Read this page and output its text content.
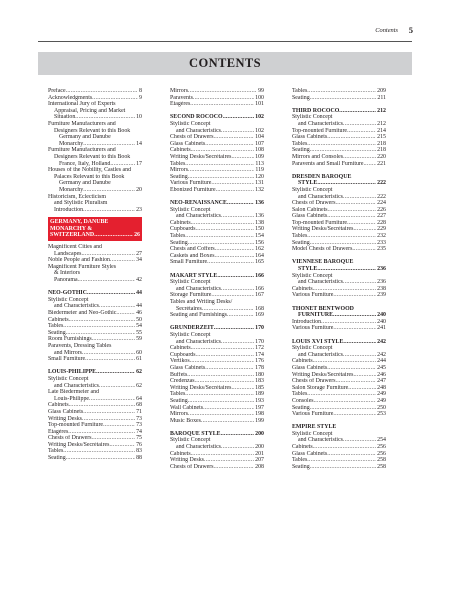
Contents 5
CONTENTS
Preface .....	8
Acknowledgments .....	9
International Jury of Experts
Appraisal, Pricing and Market
Situation .....	10
Furniture Manufacturers and
Designers Relevant to this Book
Germany and Danube
Monarchy .....	14
Furniture Manufacturers and
Designers Relevant to this Book
France, Italy, Holland .....	17
Houses of the Nobility, Castles and
Palaces Relevant to this Book
Germany and Danube
Monarchy .....	20
Historicism, Eclecticism
and Stylistic Pluralism
Introduction .....	23
GERMANY, DANUBE
MONARCHY &
SWITZERLAND .....	26
Magnificent Cities and
Landscapes .....	27
Noble People and Fashion .....	34
Magnificent Furniture Styles
& Interiors
Panorama .....	42
NEO-GOTHIC .....	44
Stylistic Concept
and Characteristics .....	44
Biedermeier and Neo-Gothic .....	46
Cabinets .....	50
Tables .....	54
Seating .....	55
Room Furnishings .....	59
Paravents, Dressing Tables
and Mirrors .....	60
Small Furniture .....	61
LOUIS-PHILIPPE .....	62
Stylistic Concept
and Characteristics .....	62
Late Biedermeier and
Louis-Philippe .....	64
Cabinets .....	68
Glass Cabinets .....	71
Writing Desks .....	73
Top-mounted Furniture .....	73
Etagères .....	74
Chests of Drawers .....	75
Writing Desks/Secrétaires .....	76
Tables .....	83
Seating .....	88
Mirrors .....	99
Paravents .....	100
Etagères .....	101
SECOND ROCOCO .....	102
Stylistic Concept
and Characteristics .....	102
Chests of Drawers .....	104
Glass Cabinets .....	107
Cabinets .....	108
Writing Desks/Secrétaires .....	109
Tables .....	113
Mirrors .....	119
Seating .....	120
Various Furniture .....	131
Ebonized Furniture .....	132
NEO-RENAISSANCE .....	136
Stylistic Concept
and Characteristics .....	136
Cabinets .....	138
Cupboards .....	150
Tables .....	154
Seating .....	156
Chests and Coffers .....	162
Caskets and Boxes .....	164
Small Furniture .....	165
MAKART STYLE .....	166
Stylistic Concept
and Characteristics .....	166
Storage Furniture .....	167
Tables and Writing Desks/
Secrétaires .....	168
Seating and Furnishings .....	169
GRÜNDERZEIT .....	170
Stylistic Concept
and Characteristics .....	170
Cabinets .....	172
Cupboards .....	174
Vertikos .....	176
Glass Cabinets .....	178
Buffets .....	180
Credenzas .....	183
Writing Desks/Secrétaires .....	185
Tables .....	189
Seating .....	193
Wall Cabinets .....	197
Mirrors .....	198
Music Boxes .....	199
BAROQUE STYLE .....	200
Stylistic Concept
and Characteristics .....	200
Cabinets .....	201
Writing Desks .....	207
Chests of Drawers .....	208
Tables .....	209
Seating .....	211
THIRD ROCOCO .....	212
Stylistic Concept
and Characteristics .....	212
Top-mounted Furniture .....	214
Glass Cabinets .....	215
Tables .....	218
Seating .....	218
Mirrors and Consoles .....	220
Paravents and Small Furniture ..... 221
DRESDEN BAROQUE
STYLE .....	222
Stylistic Concept
and Characteristics .....	222
Chests of Drawers .....	224
Salon Cabinets .....	226
Glass Cabinets .....	227
Top-mounted Furniture .....	228
Writing Desks/Secrétaires .....	229
Tables .....	232
Seating .....	233
Model Chests of Drawers .....	235
VIENNESE BAROQUE
STYLE .....	236
Stylistic Concept
and Characteristics .....	236
Cabinets .....	238
Various Furniture .....	239
THONET BENTWOOD
FURNITURE .....	240
Introduction .....	240
Various Furniture .....	241
LOUIS XVI STYLE .....	242
Stylistic Concept
and Characteristics .....	242
Cabinets .....	244
Glass Cabinets .....	245
Writing Desks/Secrétaires .....	246
Chests of Drawers .....	247
Salon Storage Furniture .....	248
Tables .....	249
Consoles .....	249
Seating .....	250
Various Furniture .....	253
EMPIRE STYLE
Stylistic Concept
and Characteristics .....	254
Cabinets .....	256
Glass Cabinets .....	256
Tables .....	258
Seating .....	258
